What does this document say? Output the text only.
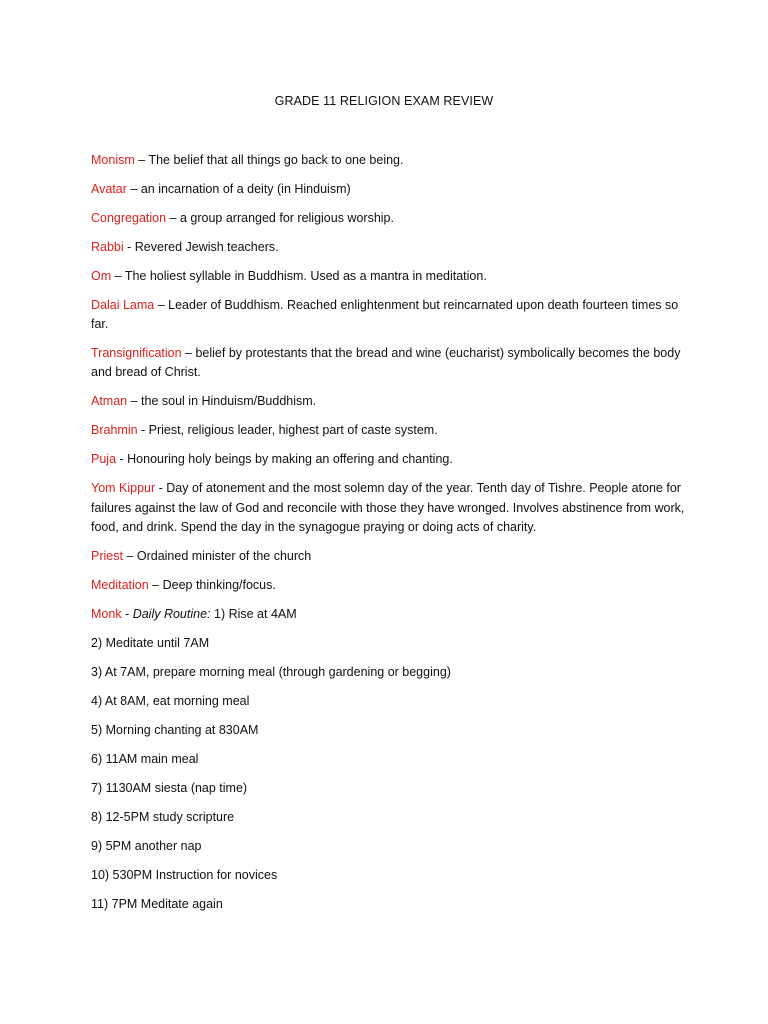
GRADE 11 RELIGION EXAM REVIEW

Monism – The belief that all things go back to one being.

Avatar – an incarnation of a deity (in Hinduism)

Congregation – a group arranged for religious worship.

Rabbi - Revered Jewish teachers.

Om – The holiest syllable in Buddhism. Used as a mantra in meditation.

Dalai Lama – Leader of Buddhism. Reached enlightenment but reincarnated upon death fourteen times so far.

Transignification – belief by protestants that the bread and wine (eucharist) symbolically becomes the body and bread of Christ.

Atman – the soul in Hinduism/Buddhism.

Brahmin - Priest, religious leader, highest part of caste system.

Puja - Honouring holy beings by making an offering and chanting.

Yom Kippur - Day of atonement and the most solemn day of the year. Tenth day of Tishre. People atone for failures against the law of God and reconcile with those they have wronged. Involves abstinence from work, food, and drink. Spend the day in the synagogue praying or doing acts of charity.

Priest – Ordained minister of the church

Meditation – Deep thinking/focus.

Monk - Daily Routine: 1) Rise at 4AM

2) Meditate until 7AM

3) At 7AM, prepare morning meal (through gardening or begging)

4) At 8AM, eat morning meal

5) Morning chanting at 830AM

6) 11AM main meal

7) 1130AM siesta (nap time)

8) 12-5PM study scripture

9) 5PM another nap

10) 530PM Instruction for novices

11) 7PM Meditate again
